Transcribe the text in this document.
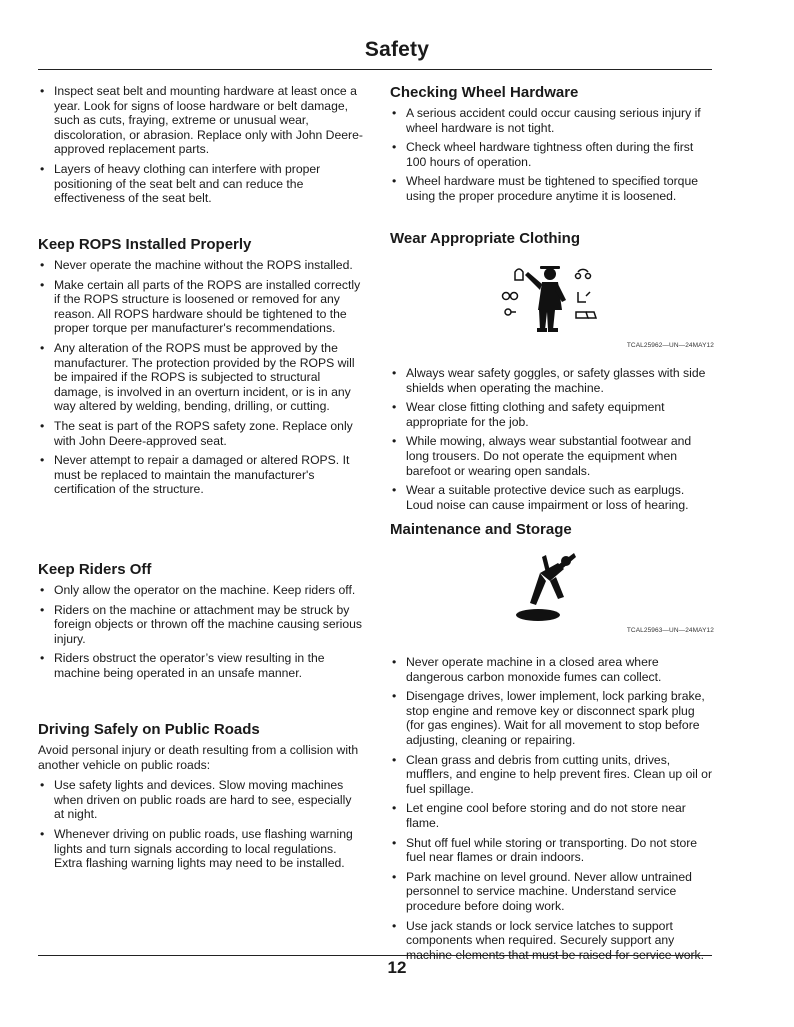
Safety
• Inspect seat belt and mounting hardware at least once a year. Look for signs of loose hardware or belt damage, such as cuts, fraying, extreme or unusual wear, discoloration, or abrasion. Replace only with John Deere-approved replacement parts.
• Layers of heavy clothing can interfere with proper positioning of the seat belt and can reduce the effectiveness of the seat belt.
Keep ROPS Installed Properly
• Never operate the machine without the ROPS installed.
• Make certain all parts of the ROPS are installed correctly if the ROPS structure is loosened or removed for any reason. All ROPS hardware should be tightened to the proper torque per manufacturer's recommendations.
• Any alteration of the ROPS must be approved by the manufacturer. The protection provided by the ROPS will be impaired if the ROPS is subjected to structural damage, is involved in an overturn incident, or is in any way altered by welding, bending, drilling, or cutting.
• The seat is part of the ROPS safety zone. Replace only with John Deere-approved seat.
• Never attempt to repair a damaged or altered ROPS. It must be replaced to maintain the manufacturer's certification of the structure.
Keep Riders Off
• Only allow the operator on the machine. Keep riders off.
• Riders on the machine or attachment may be struck by foreign objects or thrown off the machine causing serious injury.
• Riders obstruct the operator’s view resulting in the machine being operated in an unsafe manner.
Driving Safely on Public Roads

Avoid personal injury or death resulting from a collision with another vehicle on public roads:

• Use safety lights and devices. Slow moving machines when driven on public roads are hard to see, especially at night.
• Whenever driving on public roads, use flashing warning lights and turn signals according to local regulations. Extra flashing warning lights may need to be installed.
Checking Wheel Hardware
• A serious accident could occur causing serious injury if wheel hardware is not tight.
• Check wheel hardware tightness often during the first 100 hours of operation.
• Wheel hardware must be tightened to specified torque using the proper procedure anytime it is loosened.
Wear Appropriate Clothing
TCAL25962—UN—24MAY12
• Always wear safety goggles, or safety glasses with side shields when operating the machine.
• Wear close fitting clothing and safety equipment appropriate for the job.
• While mowing, always wear substantial footwear and long trousers. Do not operate the equipment when barefoot or wearing open sandals.
• Wear a suitable protective device such as earplugs. Loud noise can cause impairment or loss of hearing.
Maintenance and Storage
TCAL25963—UN—24MAY12
• Never operate machine in a closed area where dangerous carbon monoxide fumes can collect.
• Disengage drives, lower implement, lock parking brake, stop engine and remove key or disconnect spark plug (for gas engines). Wait for all movement to stop before adjusting, cleaning or repairing.
• Clean grass and debris from cutting units, drives, mufflers, and engine to help prevent fires. Clean up oil or fuel spillage.
• Let engine cool before storing and do not store near flame.
• Shut off fuel while storing or transporting. Do not store fuel near flames or drain indoors.
• Park machine on level ground. Never allow untrained personnel to service machine. Understand service procedure before doing work.
• Use jack stands or lock service latches to support components when required. Securely support any machine elements that must be raised for service work.
12
